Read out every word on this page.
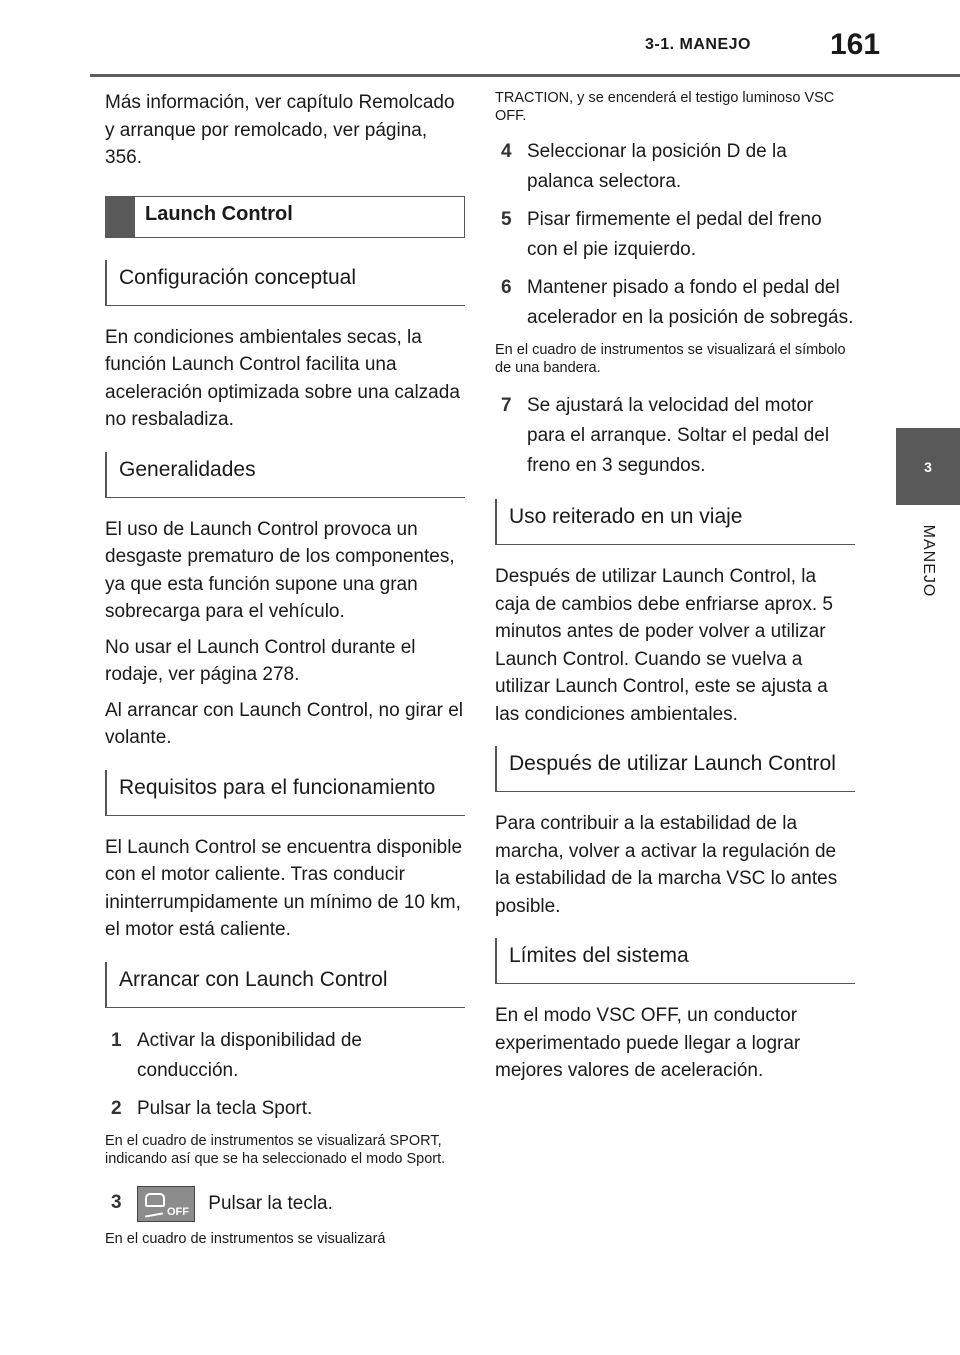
3-1. MANEJO	161
3
MANEJO

Más información, ver capítulo Remolcado y arranque por remolcado, ver página, 356.

Launch Control
Configuración conceptual

En condiciones ambientales secas, la función Launch Control facilita una aceleración optimizada sobre una calzada no resbaladiza.

Generalidades

El uso de Launch Control provoca un desgaste prematuro de los componentes, ya que esta función supone una gran sobrecarga para el vehículo.

No usar el Launch Control durante el rodaje, ver página 278.

Al arrancar con Launch Control, no girar el volante.

Requisitos para el funcionamiento

El Launch Control se encuentra disponible con el motor caliente. Tras conducir ininterrumpidamente un mínimo de 10 km, el motor está caliente.

Arrancar con Launch Control
1 Activar la disponibilidad de conducción.
2 Pulsar la tecla Sport.

En el cuadro de instrumentos se visualizará SPORT, indicando así que se ha seleccionado el modo Sport.

3	OFF Pulsar la tecla.

En el cuadro de instrumentos se visualizará

TRACTION, y se encenderá el testigo luminoso VSC OFF.

4 Seleccionar la posición D de la palanca selectora.
5 Pisar firmemente el pedal del freno con el pie izquierdo.
6 Mantener pisado a fondo el pedal del acelerador en la posición de sobregás.

En el cuadro de instrumentos se visualizará el símbolo de una bandera.

7 Se ajustará la velocidad del motor para el arranque. Soltar el pedal del freno en 3 segundos.
Uso reiterado en un viaje

Después de utilizar Launch Control, la caja de cambios debe enfriarse aprox. 5 minutos antes de poder volver a utilizar Launch Control. Cuando se vuelva a utilizar Launch Control, este se ajusta a las condiciones ambientales.

Después de utilizar Launch Control

Para contribuir a la estabilidad de la marcha, volver a activar la regulación de la estabilidad de la marcha VSC lo antes posible.

Límites del sistema

En el modo VSC OFF, un conductor experimentado puede llegar a lograr mejores valores de aceleración.
